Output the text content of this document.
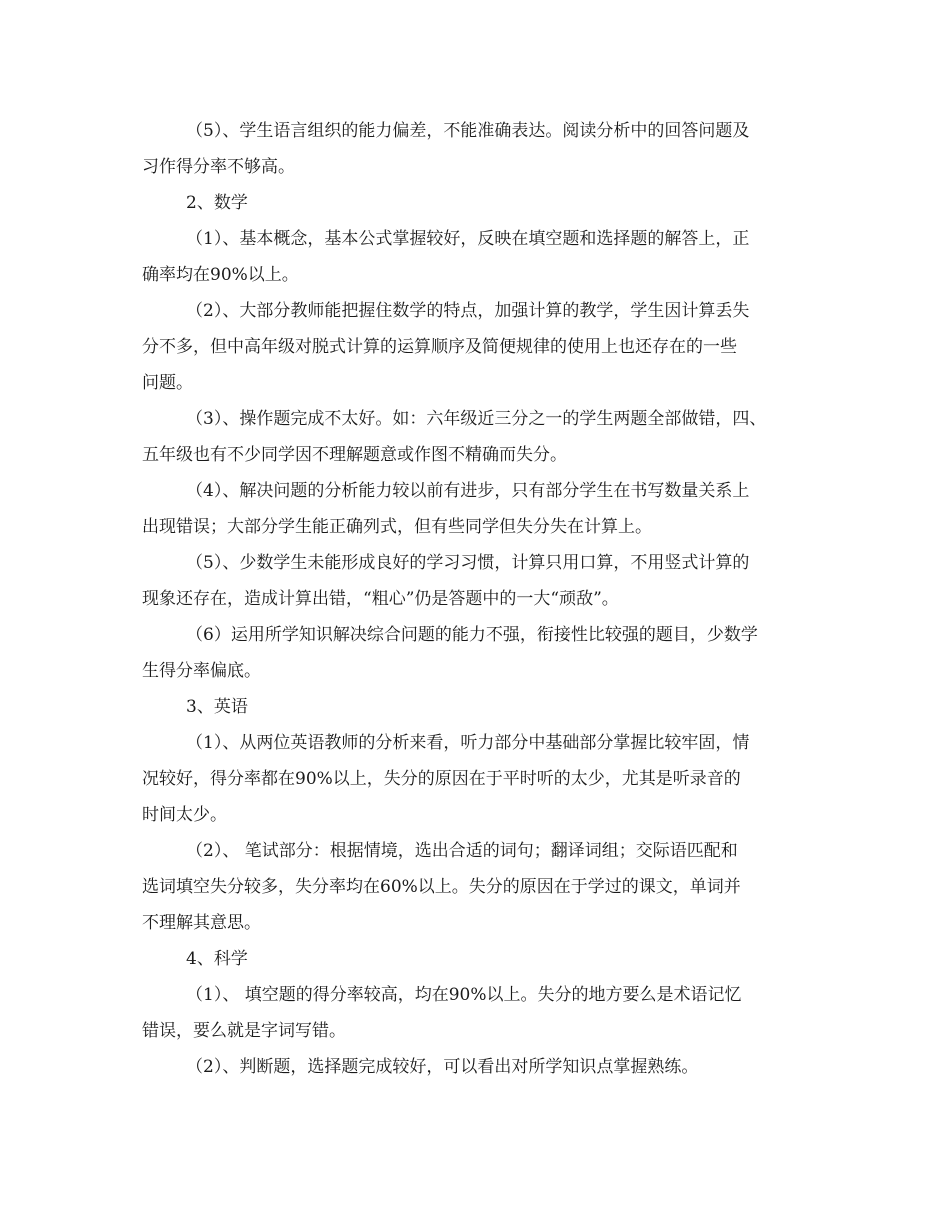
（5）、学生语言组织的能力偏差，不能准确表达。阅读分析中的回答问题及
习作得分率不够高。
2、数学
（1）、基本概念，基本公式掌握较好，反映在填空题和选择题的解答上，正
确率均在90%以上。
（2）、大部分教师能把握住数学的特点，加强计算的教学，学生因计算丢失
分不多，但中高年级对脱式计算的运算顺序及简便规律的使用上也还存在的一些
问题。
（3）、操作题完成不太好。如：六年级近三分之一的学生两题全部做错，四、
五年级也有不少同学因不理解题意或作图不精确而失分。
（4）、解决问题的分析能力较以前有进步，只有部分学生在书写数量关系上
出现错误；大部分学生能正确列式，但有些同学但失分失在计算上。
（5）、少数学生未能形成良好的学习习惯，计算只用口算，不用竖式计算的
现象还存在，造成计算出错，“粗心”仍是答题中的一大“顽敌”。
（6）运用所学知识解决综合问题的能力不强，衔接性比较强的题目，少数学
生得分率偏底。
3、英语
（1）、从两位英语教师的分析来看，听力部分中基础部分掌握比较牢固，情
况较好，得分率都在90%以上，失分的原因在于平时听的太少，尤其是听录音的
时间太少。
（2）、 笔试部分：根据情境，选出合适的词句；翻译词组；交际语匹配和
选词填空失分较多，失分率均在60%以上。失分的原因在于学过的课文，单词并
不理解其意思。
4、科学
（1）、 填空题的得分率较高，均在90%以上。失分的地方要么是术语记忆
错误，要么就是字词写错。
（2）、判断题，选择题完成较好，可以看出对所学知识点掌握熟练。
